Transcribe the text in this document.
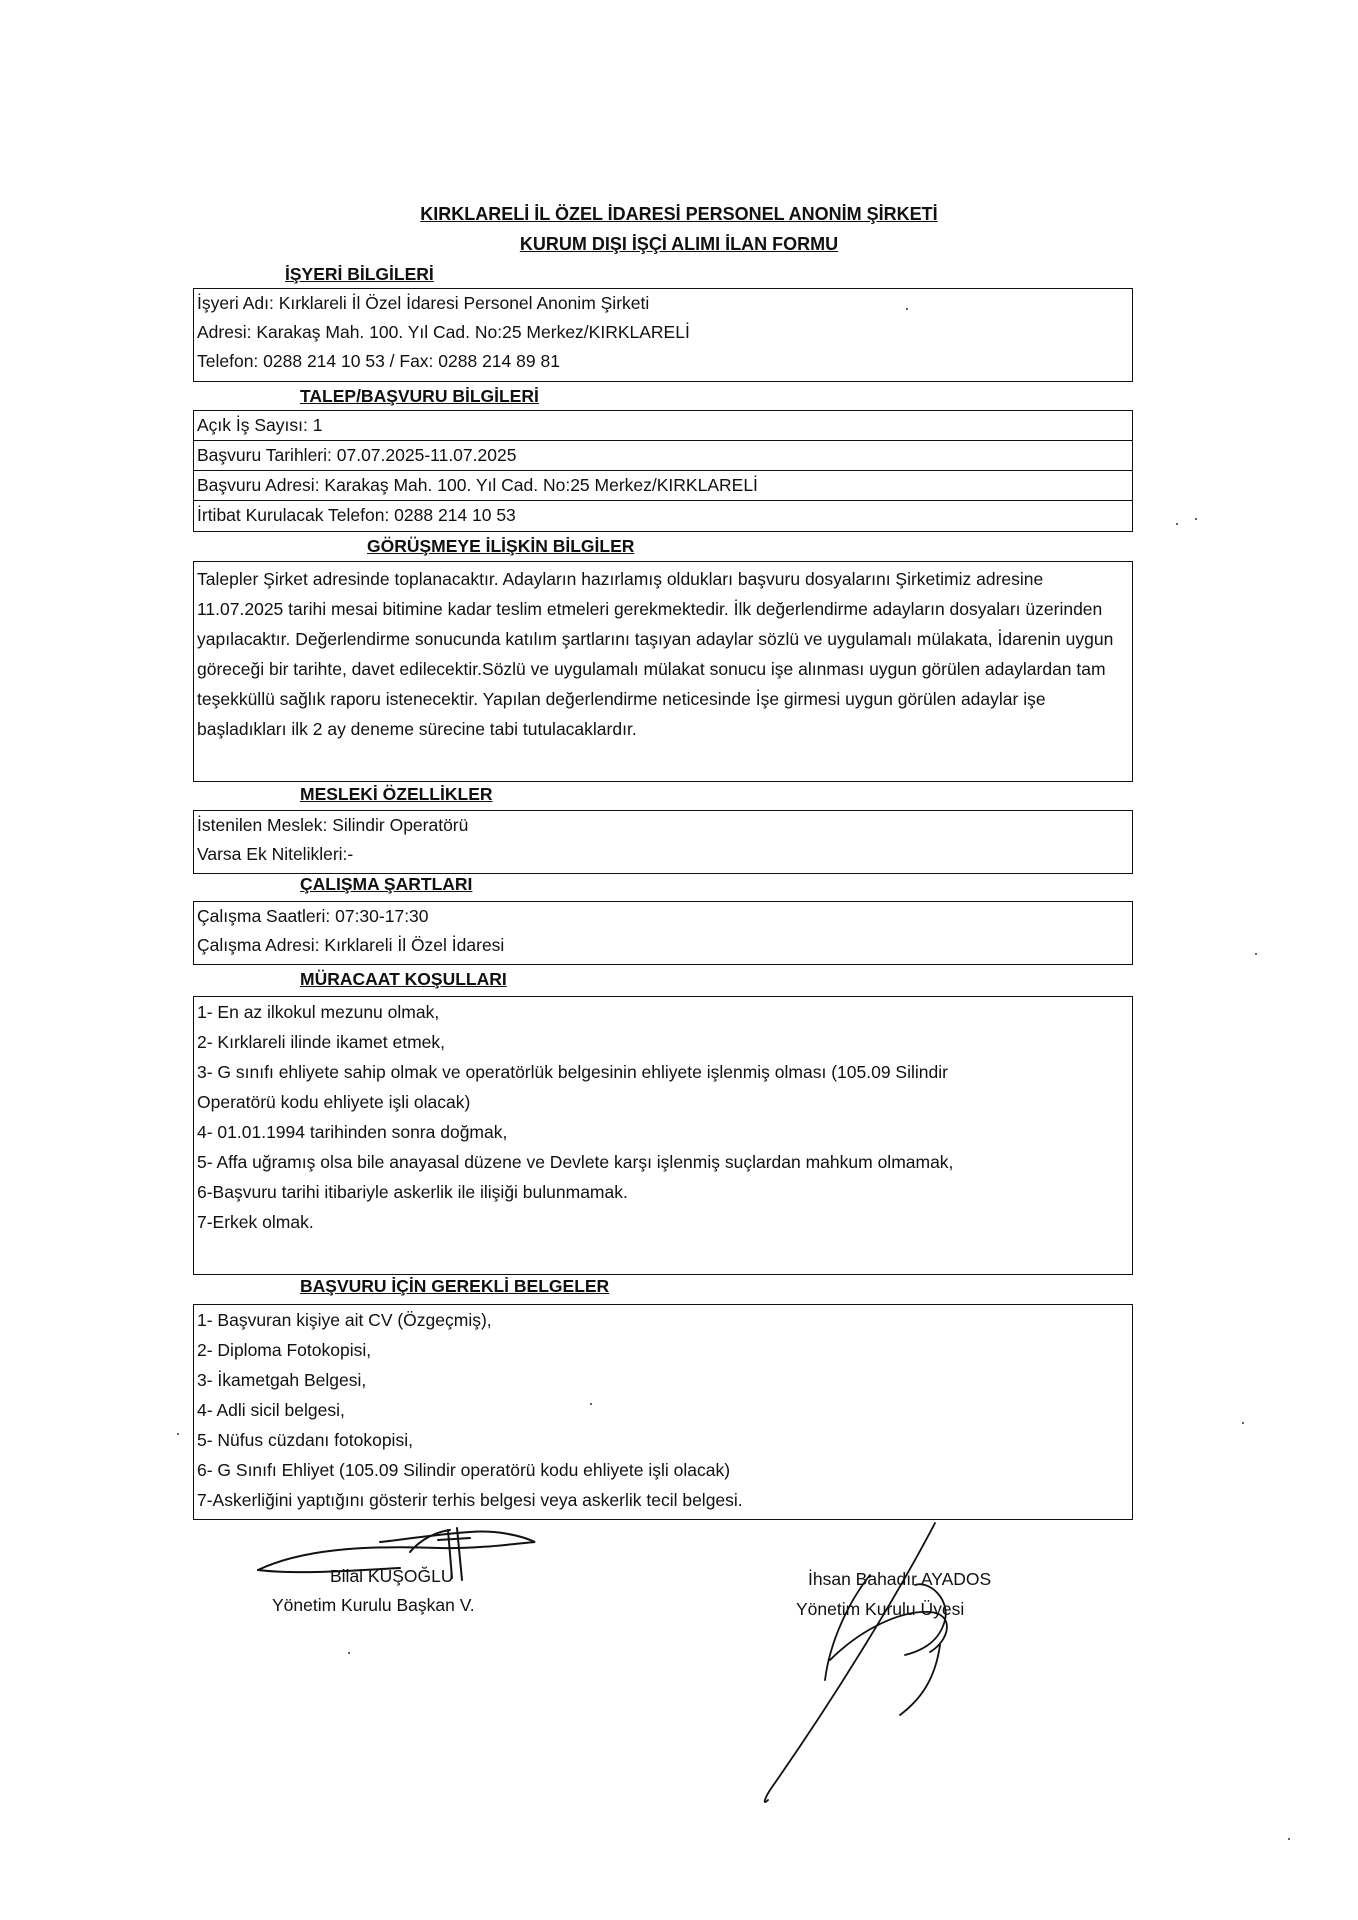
KIRKLARELİ İL ÖZEL İDARESİ PERSONEL ANONİM ŞİRKETİ
KURUM DIŞI İŞÇİ ALIMI İLAN FORMU
İŞYERİ BİLGİLERİ
İşyeri Adı: Kırklareli İl Özel İdaresi Personel Anonim Şirketi
Adresi: Karakaş Mah. 100. Yıl Cad. No:25 Merkez/KIRKLARELİ
Telefon: 0288 214 10 53 / Fax: 0288 214 89 81
TALEP/BAŞVURU BİLGİLERİ
Açık İş Sayısı: 1
Başvuru Tarihleri: 07.07.2025-11.07.2025
Başvuru Adresi: Karakaş Mah. 100. Yıl Cad. No:25 Merkez/KIRKLARELİ
İrtibat Kurulacak Telefon: 0288 214 10 53
GÖRÜŞMEYE İLİŞKİN BİLGİLER
Talepler Şirket adresinde toplanacaktır. Adayların hazırlamış oldukları başvuru dosyalarını Şirketimiz adresine 11.07.2025 tarihi mesai bitimine kadar teslim etmeleri gerekmektedir. İlk değerlendirme adayların dosyaları üzerinden yapılacaktır. Değerlendirme sonucunda katılım şartlarını taşıyan adaylar sözlü ve uygulamalı mülakata, İdarenin uygun göreceği bir tarihte, davet edilecektir.Sözlü ve uygulamalı mülakat sonucu işe alınması uygun görülen adaylardan tam teşekküllü sağlık raporu istenecektir. Yapılan değerlendirme neticesinde İşe girmesi uygun görülen adaylar işe başladıkları ilk 2 ay deneme sürecine tabi tutulacaklardır.
MESLEKİ ÖZELLİKLER
İstenilen Meslek: Silindir Operatörü
Varsa Ek Nitelikleri:-
ÇALIŞMA ŞARTLARI
Çalışma Saatleri: 07:30-17:30
Çalışma Adresi: Kırklareli İl Özel İdaresi
MÜRACAAT KOŞULLARI
1- En az ilkokul mezunu olmak,
2- Kırklareli ilinde ikamet etmek,
3- G sınıfı ehliyete sahip olmak ve operatörlük belgesinin ehliyete işlenmiş olması (105.09 Silindir
Operatörü kodu ehliyete işli olacak)
4- 01.01.1994 tarihinden sonra doğmak,
5- Affa uğramış olsa bile anayasal düzene ve Devlete karşı işlenmiş suçlardan mahkum olmamak,
6-Başvuru tarihi itibariyle askerlik ile ilişiği bulunmamak.
7-Erkek olmak.
BAŞVURU İÇİN GEREKLİ BELGELER
1- Başvuran kişiye ait CV (Özgeçmiş),
2- Diploma Fotokopisi,
3- İkametgah Belgesi,
4- Adli sicil belgesi,
5- Nüfus cüzdanı fotokopisi,
6- G Sınıfı Ehliyet (105.09 Silindir operatörü kodu ehliyete işli olacak)
7-Askerliğini yaptığını gösterir terhis belgesi veya askerlik tecil belgesi.
Bilal KUŞOĞLU
Yönetim Kurulu Başkan V.
İhsan Bahadır AYADOS
Yönetim Kurulu Üyesi
